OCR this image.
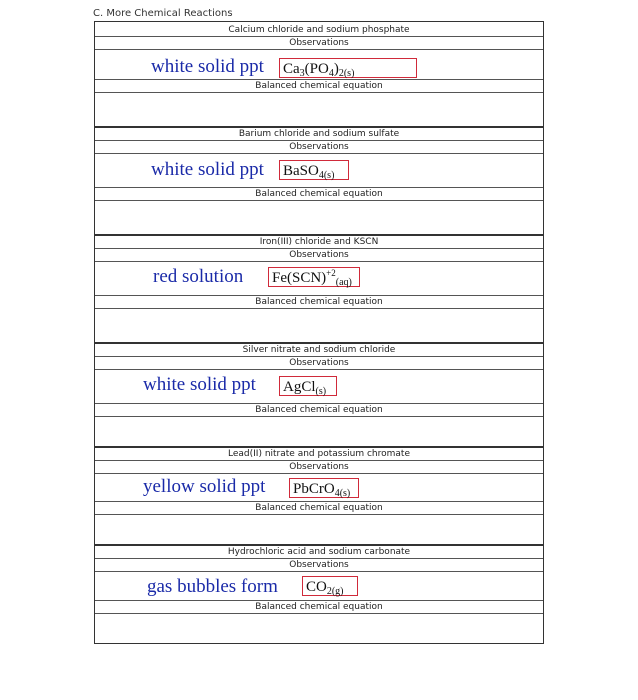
C. More Chemical Reactions
Calcium chloride and sodium phosphate
Observations
white solid ppt $Ca_3(PO_4)_{2(s)}$
Balanced chemical equation
Barium chloride and sodium sulfate
Observations
white solid ppt BaSO$_{4(s)}$
Balanced chemical equation
Iron(III) chloride and KSCN
Observations
red solution Fe(SCN)$^{+2}_{(aq)}$
Balanced chemical equation
Silver nitrate and sodium chloride
Observations
white solid ppt AgCl$_{(s)}$
Balanced chemical equation
Lead(II) nitrate and potassium chromate
Observations
yellow solid ppt PbCrO$_{4(s)}$
Balanced chemical equation
Hydrochloric acid and sodium carbonate
Observations
gas bubbles form $CO_{2(g)}$
Balanced chemical equation
